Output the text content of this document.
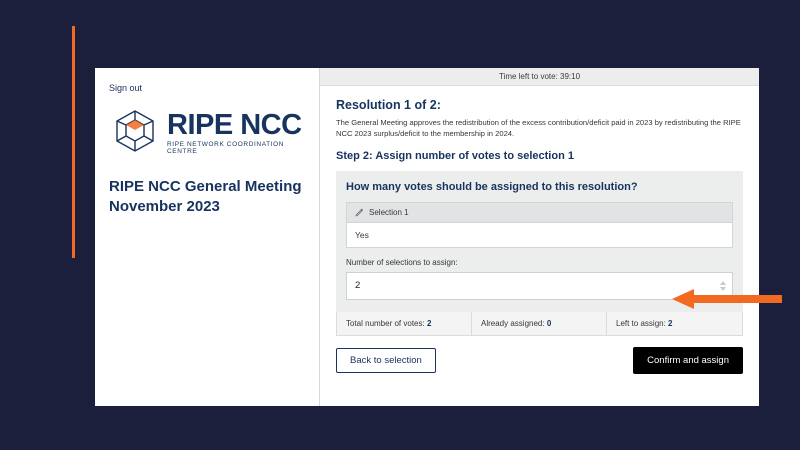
Sign out
RIPE NCC
RIPE NETWORK COORDINATION CENTRE
RIPE NCC General Meeting November 2023
Time left to vote: 39:10
Resolution 1 of 2:
The General Meeting approves the redistribution of the excess contribution/deficit paid in 2023 by redistributing the RIPE NCC 2023 surplus/deficit to the membership in 2024.
Step 2: Assign number of votes to selection 1
How many votes should be assigned to this resolution?
Selection 1
Yes
Number of selections to assign:
2
Total number of votes: 2	Already assigned: 0	Left to assign: 2
Back to selection	Confirm and assign
